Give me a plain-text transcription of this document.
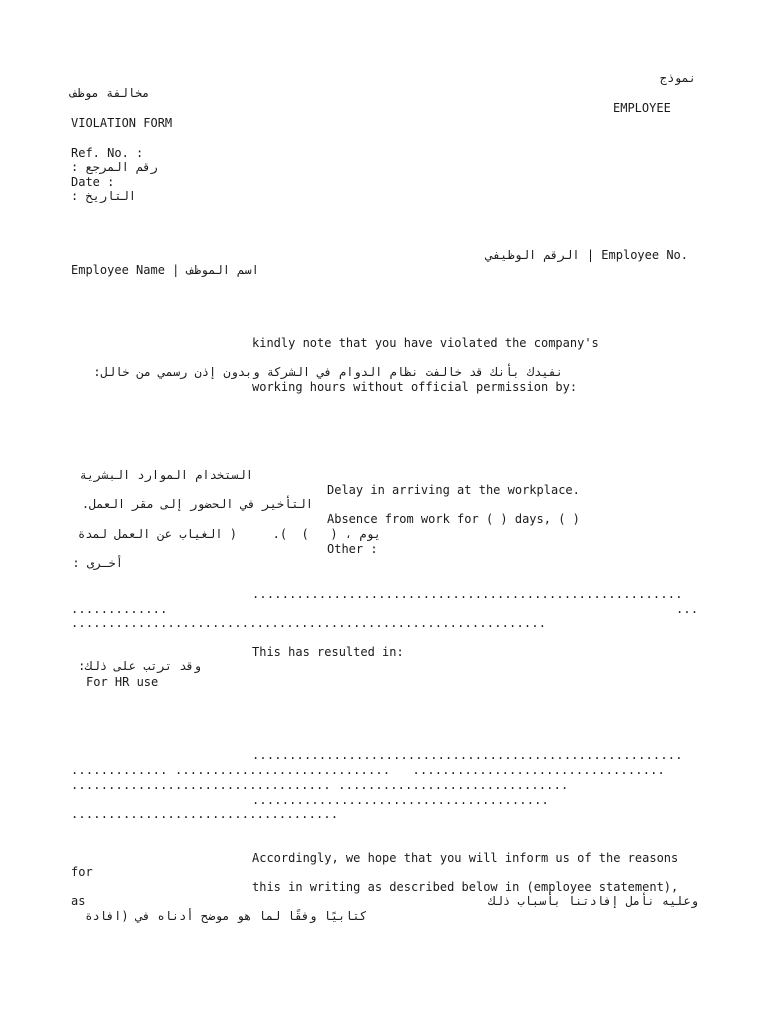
نموذج
مخالفة موظف
EMPLOYEE
VIOLATION FORM
Ref. No. :
رقم المرجع :
Date :
التاريخ :
الرقم الوظيفي | Employee No.
Employee Name | اسم الموظف
kindly note that you have violated the company's
نفيدك بأنك قد خالفت نظام الدوام في الشركة وبدون إذن رسمي من خالل:
working hours without official permission by:
الستخدام الموارد البشرية
Delay in arriving at the workplace.
التأخير في الحضور إلى مقر العمل.
Absence from work for ( ) days, ( )
( الغياب عن العمل لمدة	يوم ، (   )  ).
Other :
أخـرى :
..........................................................
.............	...
................................................................
This has resulted in:
وقد ترتب على ذلك:
For HR use
..........................................................
............. .............................   ..................................
................................... ...............................
........................................
....................................
Accordingly, we hope that you will inform us of the reasons
for
this in writing as described below in (employee statement),
as	وعليه نأمل إفادتنا بأسباب ذلك
كتابيًا وفقًا لما هو موضح أدناه في (افادة
